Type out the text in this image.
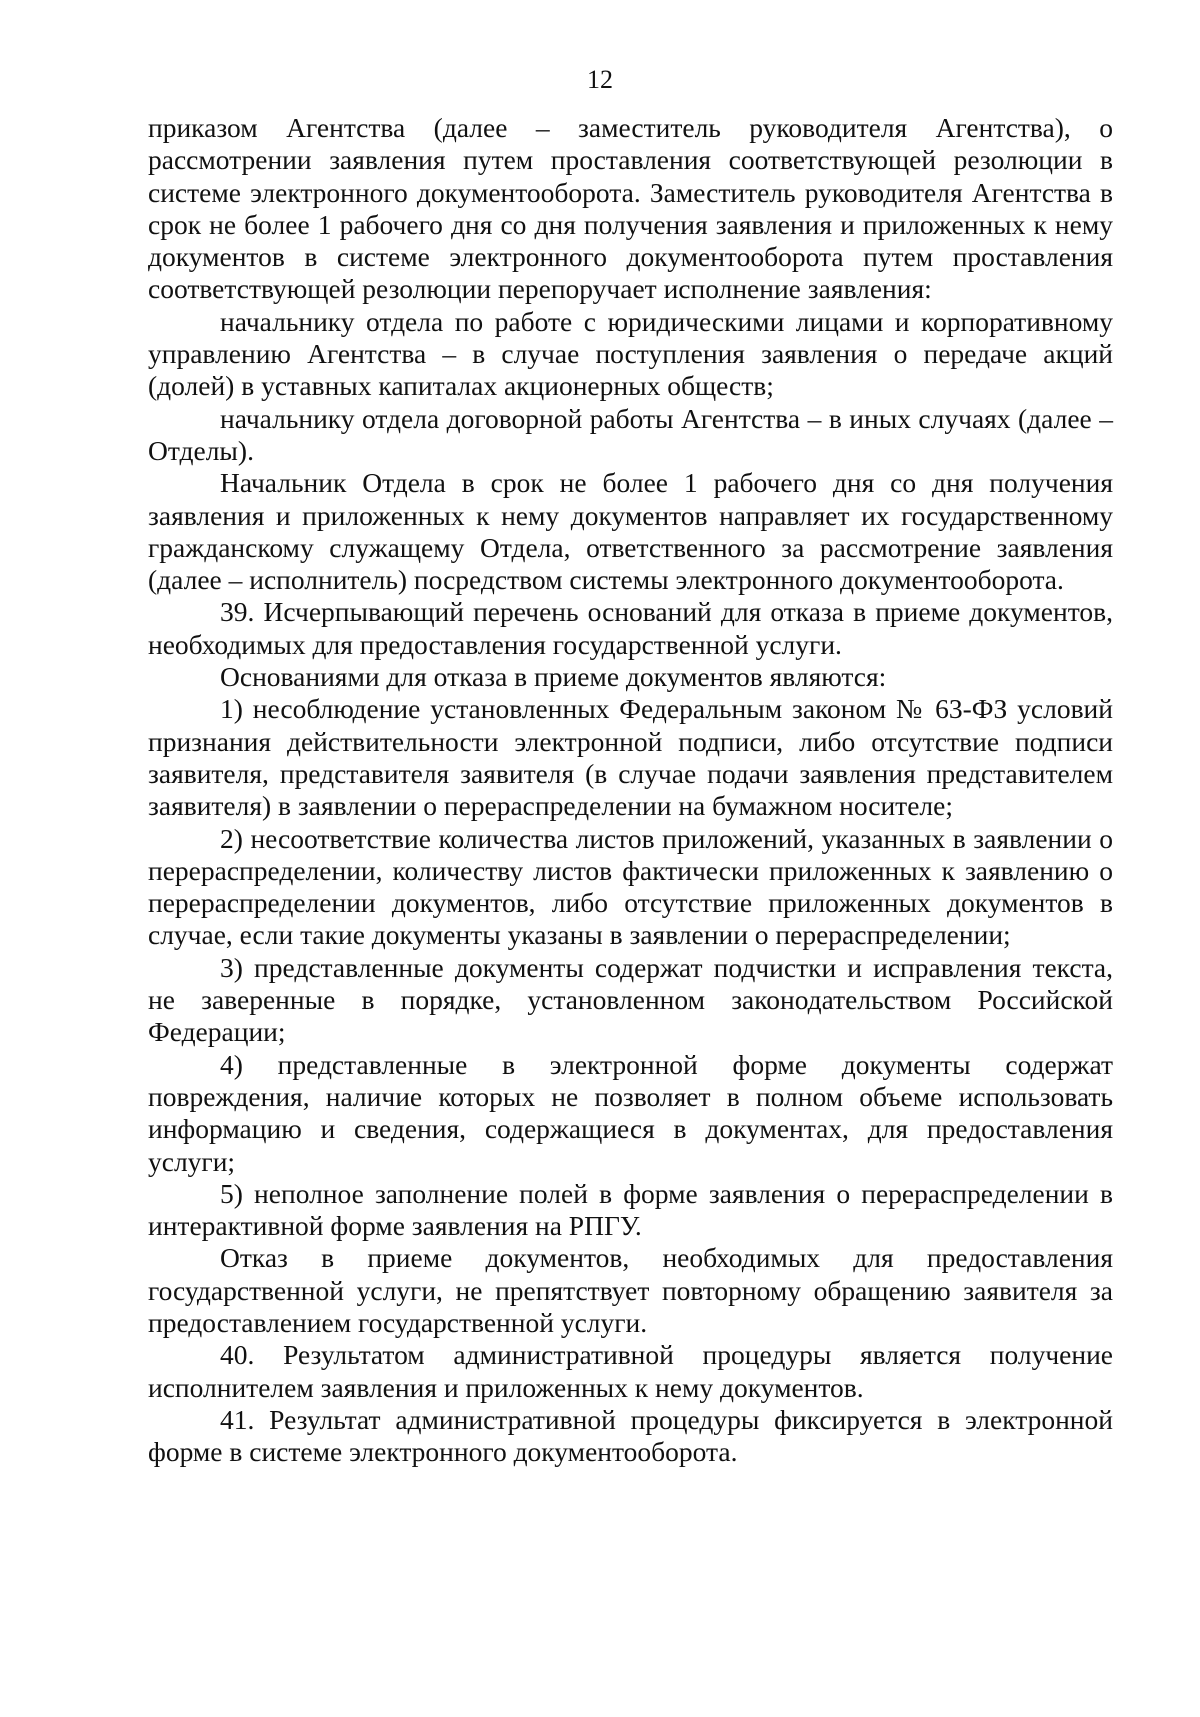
12

приказом Агентства (далее – заместитель руководителя Агентства), о рассмотрении заявления путем проставления соответствующей резолюции в системе электронного документооборота. Заместитель руководителя Агентства в срок не более 1 рабочего дня со дня получения заявления и приложенных к нему документов в системе электронного документооборота путем проставления соответствующей резолюции перепоручает исполнение заявления:

начальнику отдела по работе с юридическими лицами и корпоративному управлению Агентства – в случае поступления заявления о передаче акций (долей) в уставных капиталах акционерных обществ;

начальнику отдела договорной работы Агентства – в иных случаях (далее – Отделы).

Начальник Отдела в срок не более 1 рабочего дня со дня получения заявления и приложенных к нему документов направляет их государственному гражданскому служащему Отдела, ответственного за рассмотрение заявления (далее – исполнитель) посредством системы электронного документооборота.

39. Исчерпывающий перечень оснований для отказа в приеме документов, необходимых для предоставления государственной услуги.

Основаниями для отказа в приеме документов являются:

1) несоблюдение установленных Федеральным законом № 63-ФЗ условий признания действительности электронной подписи, либо отсутствие подписи заявителя, представителя заявителя (в случае подачи заявления представителем заявителя) в заявлении о перераспределении на бумажном носителе;

2) несоответствие количества листов приложений, указанных в заявлении о перераспределении, количеству листов фактически приложенных к заявлению о перераспределении документов, либо отсутствие приложенных документов в случае, если такие документы указаны в заявлении о перераспределении;

3) представленные документы содержат подчистки и исправления текста, не заверенные в порядке, установленном законодательством Российской Федерации;

4) представленные в электронной форме документы содержат повреждения, наличие которых не позволяет в полном объеме использовать информацию и сведения, содержащиеся в документах, для предоставления услуги;

5) неполное заполнение полей в форме заявления о перераспределении в интерактивной форме заявления на РПГУ.

Отказ в приеме документов, необходимых для предоставления государственной услуги, не препятствует повторному обращению заявителя за предоставлением государственной услуги.

40. Результатом административной процедуры является получение исполнителем заявления и приложенных к нему документов.

41. Результат административной процедуры фиксируется в электронной форме в системе электронного документооборота.
